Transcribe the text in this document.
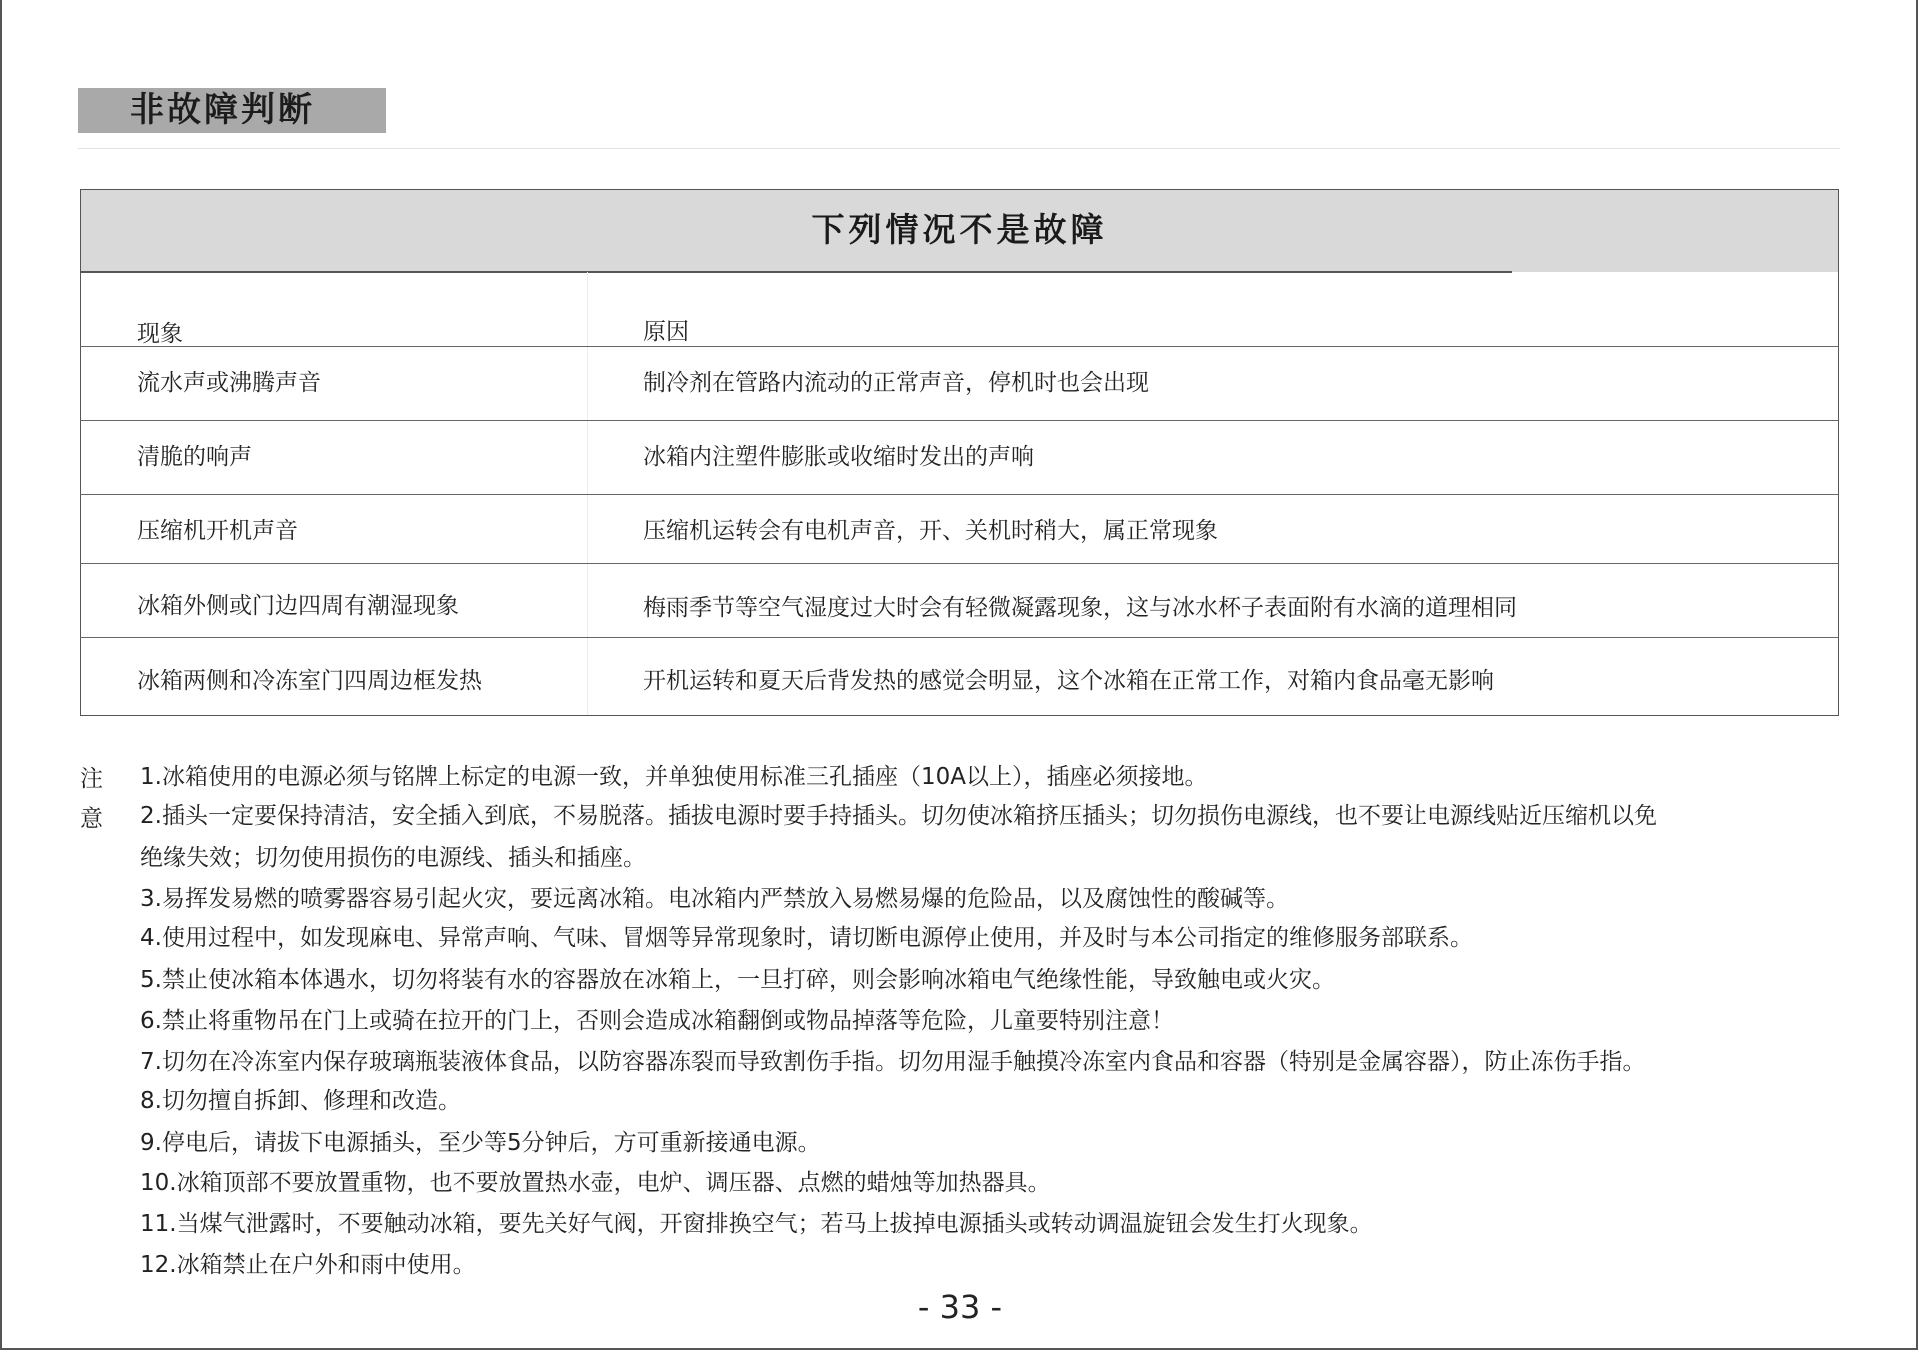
非故障判断
下列情况不是故障
现象	原因
流水声或沸腾声音	制冷剂在管路内流动的正常声音，停机时也会出现
清脆的响声	冰箱内注塑件膨胀或收缩时发出的声响
压缩机开机声音	压缩机运转会有电机声音，开、关机时稍大，属正常现象
冰箱外侧或门边四周有潮湿现象	梅雨季节等空气湿度过大时会有轻微凝露现象，这与冰水杯子表面附有水滴的道理相同
冰箱两侧和冷冻室门四周边框发热	开机运转和夏天后背发热的感觉会明显，这个冰箱在正常工作，对箱内食品毫无影响
注
意
1.冰箱使用的电源必须与铭牌上标定的电源一致，并单独使用标准三孔插座（10A以上），插座必须接地。
2.插头一定要保持清洁，安全插入到底，不易脱落。插拔电源时要手持插头。切勿使冰箱挤压插头；切勿损伤电源线，也不要让电源线贴近压缩机以免
绝缘失效；切勿使用损伤的电源线、插头和插座。
3.易挥发易燃的喷雾器容易引起火灾，要远离冰箱。电冰箱内严禁放入易燃易爆的危险品，以及腐蚀性的酸碱等。
4.使用过程中，如发现麻电、异常声响、气味、冒烟等异常现象时，请切断电源停止使用，并及时与本公司指定的维修服务部联系。
5.禁止使冰箱本体遇水，切勿将装有水的容器放在冰箱上，一旦打碎，则会影响冰箱电气绝缘性能，导致触电或火灾。
6.禁止将重物吊在门上或骑在拉开的门上，否则会造成冰箱翻倒或物品掉落等危险，儿童要特别注意！
7.切勿在冷冻室内保存玻璃瓶装液体食品，以防容器冻裂而导致割伤手指。切勿用湿手触摸冷冻室内食品和容器（特别是金属容器），防止冻伤手指。
8.切勿擅自拆卸、修理和改造。
9.停电后，请拔下电源插头，至少等5分钟后，方可重新接通电源。
10.冰箱顶部不要放置重物，也不要放置热水壶，电炉、调压器、点燃的蜡烛等加热器具。
11.当煤气泄露时，不要触动冰箱，要先关好气阀，开窗排换空气；若马上拔掉电源插头或转动调温旋钮会发生打火现象。
12.冰箱禁止在户外和雨中使用。
- 33 -
